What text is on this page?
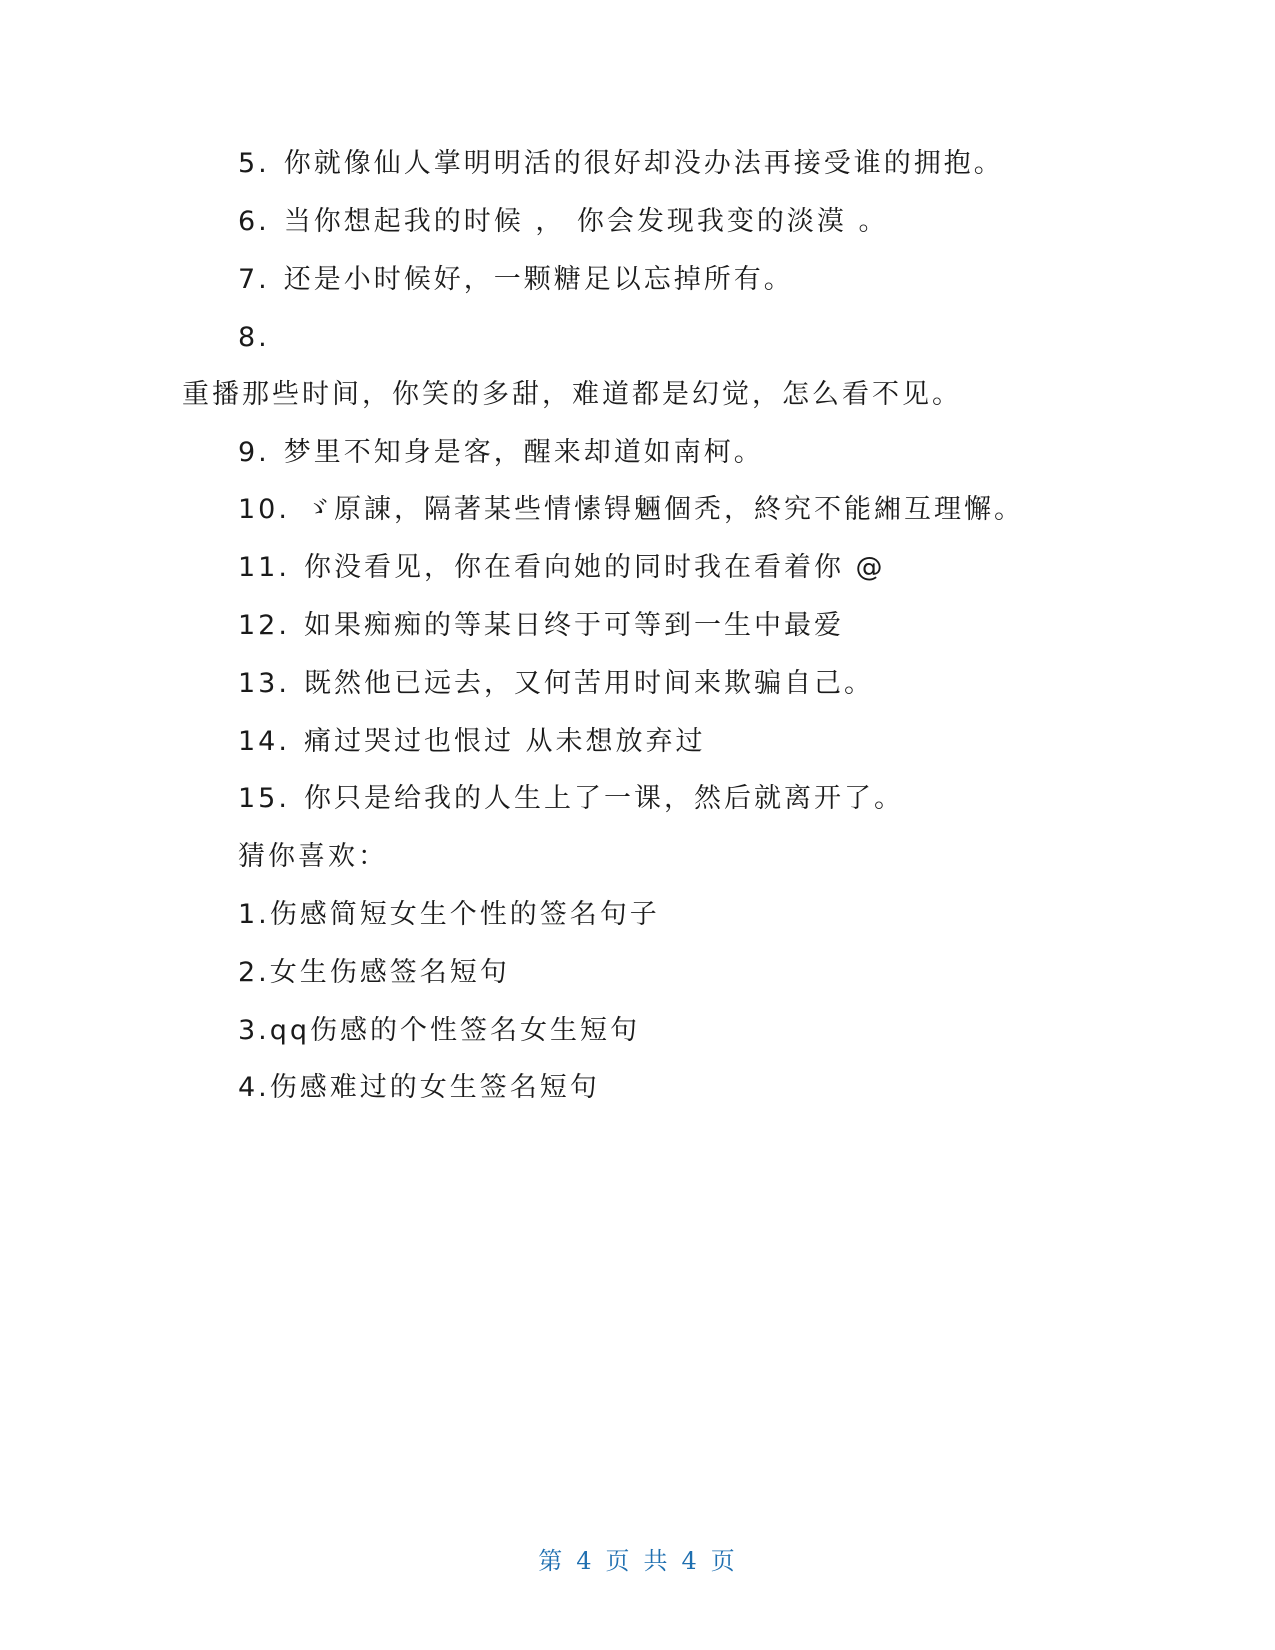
5. 你就像仙人掌明明活的很好却没办法再接受谁的拥抱。
6. 当你想起我的时候 ， 你会发现我变的淡漠 。
7. 还是小时候好，一颗糖足以忘掉所有。
8.
重播那些时间，你笑的多甜，难道都是幻觉，怎么看不见。
9. 梦里不知身是客，醒来却道如南柯。
10. ゞ原諌，隔著某些情愫锝魎個秃，終究不能緗互理懈。
11. 你没看见，你在看向她的同时我在看着你 @
12. 如果痴痴的等某日终于可等到一生中最爱
13. 既然他已远去，又何苦用时间来欺骗自己。
14. 痛过哭过也恨过 从未想放弃过
15. 你只是给我的人生上了一课，然后就离开了。
猜你喜欢：
1.伤感简短女生个性的签名句子
2.女生伤感签名短句
3.qq伤感的个性签名女生短句
4.伤感难过的女生签名短句
第 4 页 共 4 页
